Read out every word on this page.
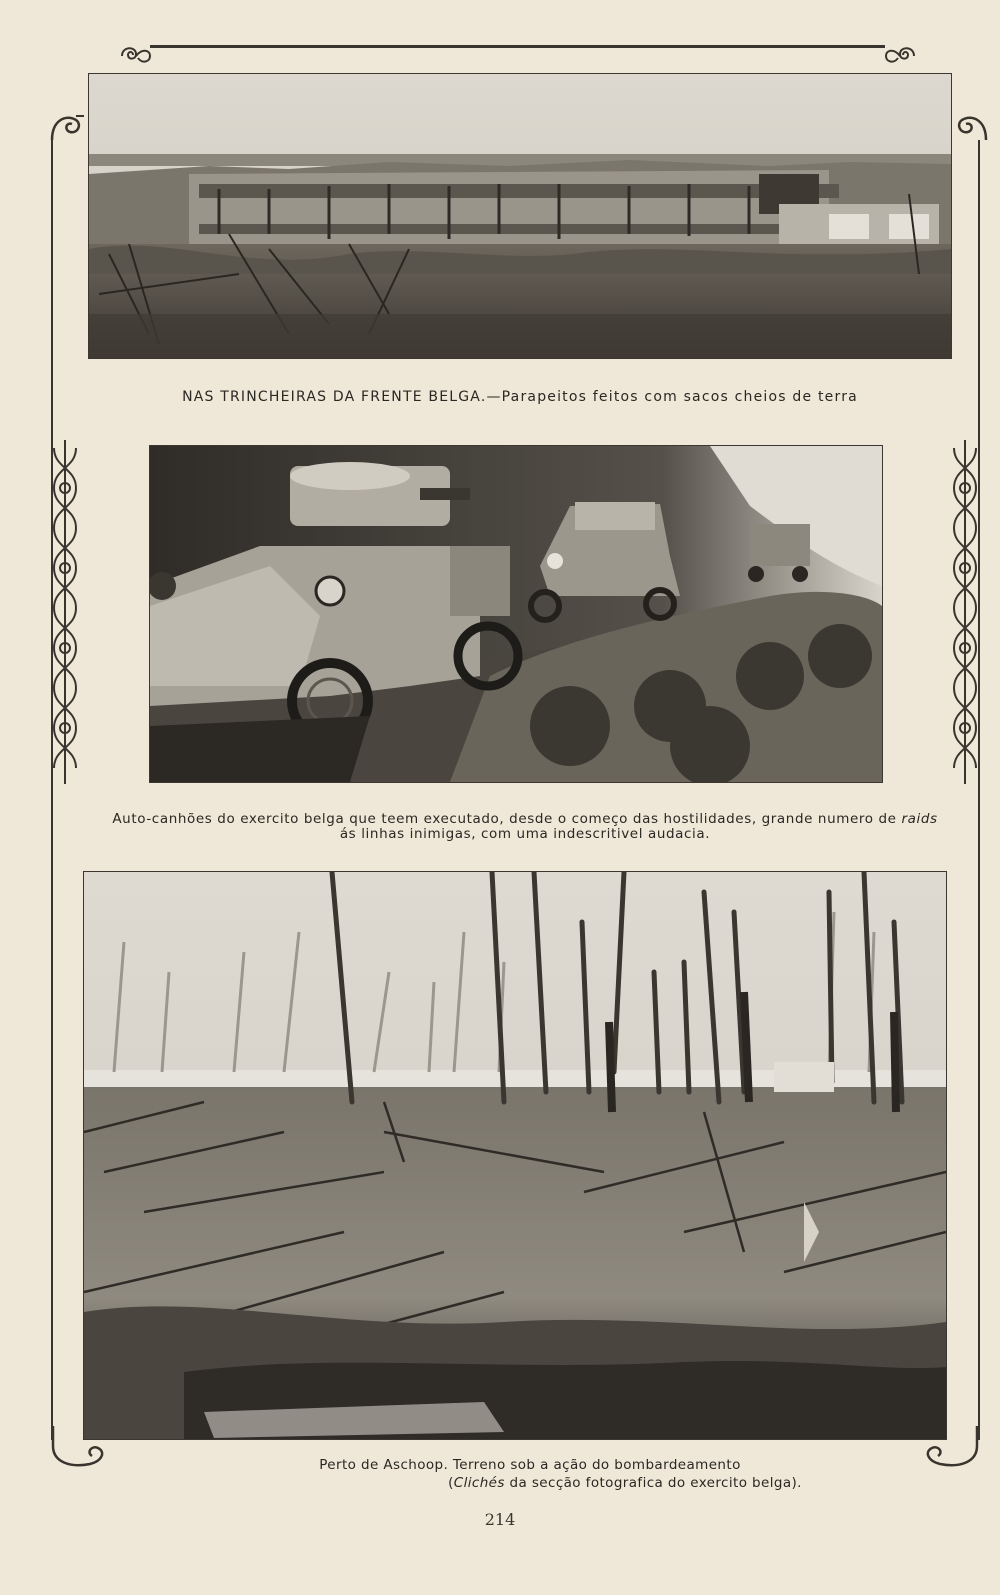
NAS TRINCHEIRAS DA FRENTE BELGA.—Parapeitos feitos com sacos cheios de terra
Auto-canhões do exercito belga que teem executado, desde o começo das hostilidades, grande numero de raids
ás linhas inimigas, com uma indescritivel audacia.
Perto de Aschoop. Terreno sob a ação do bombardeamento
(Clichés da secção fotografica do exercito belga).
214
